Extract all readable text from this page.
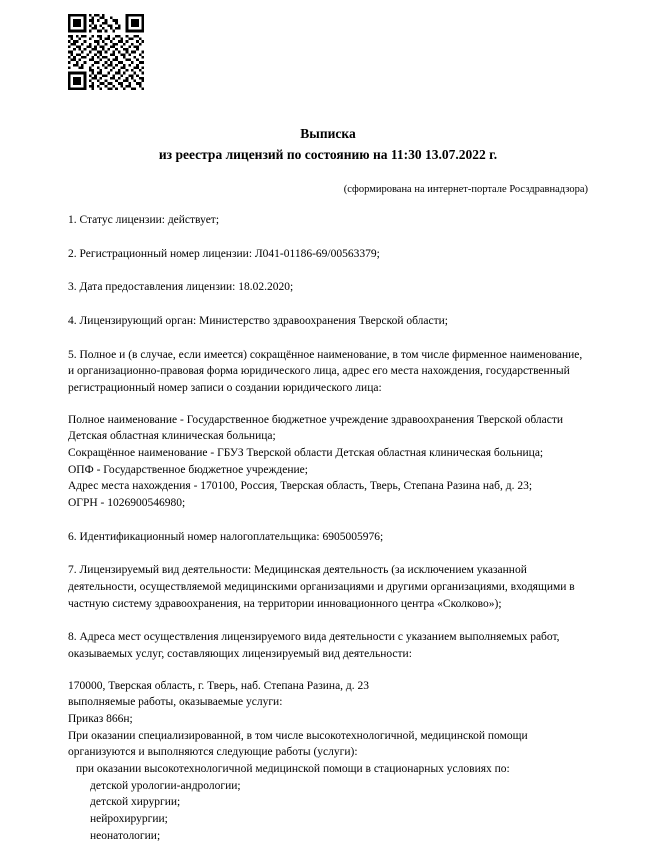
Выписка
из реестра лицензий по состоянию на 11:30 13.07.2022 г.
(сформирована на интернет-портале Росздравнадзора)
1. Статус лицензии: действует;
2. Регистрационный номер лицензии: Л041-01186-69/00563379;
3. Дата предоставления лицензии: 18.02.2020;
4. Лицензирующий орган: Министерство здравоохранения Тверской области;
5. Полное и (в случае, если имеется) сокращённое наименование, в том числе фирменное наименование, и организационно-правовая форма юридического лица, адрес его места нахождения, государственный регистрационный номер записи о создании юридического лица:
Полное наименование - Государственное бюджетное учреждение здравоохранения Тверской области Детская областная клиническая больница;
Сокращённое наименование - ГБУЗ Тверской области Детская областная клиническая больница;
ОПФ - Государственное бюджетное учреждение;
Адрес места нахождения - 170100, Россия, Тверская область, Тверь, Степана Разина наб, д. 23;
ОГРН - 1026900546980;
6. Идентификационный номер налогоплательщика: 6905005976;
7. Лицензируемый вид деятельности: Медицинская деятельность (за исключением указанной деятельности, осуществляемой медицинскими организациями и другими организациями, входящими в частную систему здравоохранения, на территории инновационного центра «Сколково»);
8. Адреса мест осуществления лицензируемого вида деятельности с указанием выполняемых работ, оказываемых услуг, составляющих лицензируемый вид деятельности:
170000, Тверская область, г. Тверь, наб. Степана Разина, д. 23
выполняемые работы, оказываемые услуги:
Приказ 866н;
При оказании специализированной, в том числе высокотехнологичной, медицинской помощи организуются и выполняются следующие работы (услуги):
при оказании высокотехнологичной медицинской помощи в стационарных условиях по:
детской урологии-андрологии;
детской хирургии;
нейрохирургии;
неонатологии;
